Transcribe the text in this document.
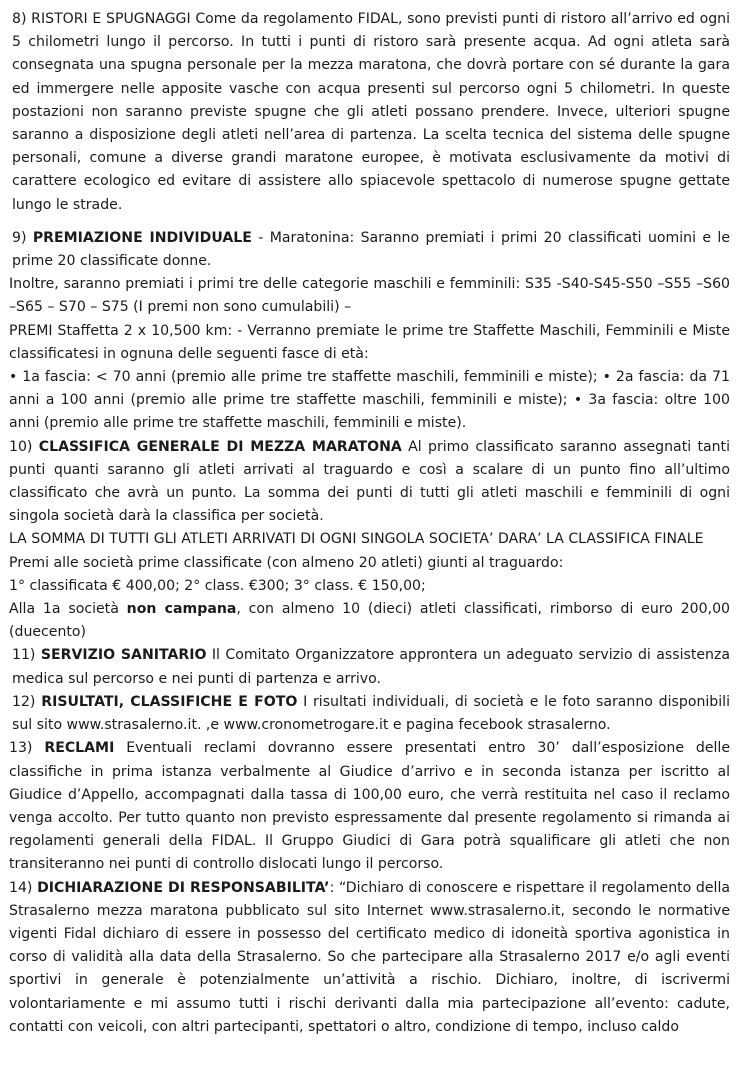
8) RISTORI E SPUGNAGGI Come da regolamento FIDAL, sono previsti punti di ristoro all’arrivo ed ogni 5 chilometri lungo il percorso. In tutti i punti di ristoro sarà presente acqua. Ad ogni atleta sarà consegnata una spugna personale per la mezza maratona, che dovrà portare con sé durante la gara ed immergere nelle apposite vasche con acqua presenti sul percorso ogni 5 chilometri. In queste postazioni non saranno previste spugne che gli atleti possano prendere. Invece, ulteriori spugne saranno a disposizione degli atleti nell’area di partenza. La scelta tecnica del sistema delle spugne personali, comune a diverse grandi maratone europee, è motivata esclusivamente da motivi di carattere ecologico ed evitare di assistere allo spiacevole spettacolo di numerose spugne gettate lungo le strade.

9) PREMIAZIONE INDIVIDUALE - Maratonina: Saranno premiati i primi 20 classificati uomini e le prime 20 classificate donne.

Inoltre, saranno premiati i primi tre delle categorie maschili e femminili: S35 -S40-S45-S50 –S55 –S60 –S65 – S70 – S75 (I premi non sono cumulabili) –

PREMI Staffetta 2 x 10,500 km: - Verranno premiate le prime tre Staffette Maschili, Femminili e Miste classificatesi in ognuna delle seguenti fasce di età:

• 1a fascia: < 70 anni (premio alle prime tre staffette maschili, femminili e miste); • 2a fascia: da 71 anni a 100 anni (premio alle prime tre staffette maschili, femminili e miste); • 3a fascia: oltre 100 anni (premio alle prime tre staffette maschili, femminili e miste).

10) CLASSIFICA GENERALE DI MEZZA MARATONA Al primo classificato saranno assegnati tanti punti quanti saranno gli atleti arrivati al traguardo e così a scalare di un punto fino all’ultimo classificato che avrà un punto. La somma dei punti di tutti gli atleti maschili e femminili di ogni singola società darà la classifica per società.

LA SOMMA DI TUTTI GLI ATLETI ARRIVATI DI OGNI SINGOLA SOCIETA’ DARA’ LA CLASSIFICA FINALE

Premi alle società prime classificate (con almeno 20 atleti) giunti al traguardo:

1° classificata € 400,00; 2° class. €300; 3° class. € 150,00;

Alla 1a società non campana, con almeno 10 (dieci) atleti classificati, rimborso di euro 200,00 (duecento)

11) SERVIZIO SANITARIO Il Comitato Organizzatore approntera un adeguato servizio di assistenza medica sul percorso e nei punti di partenza e arrivo.

12) RISULTATI, CLASSIFICHE E FOTO I risultati individuali, di società e le foto saranno disponibili sul sito www.strasalerno.it. ,e www.cronometrogare.it e pagina fecebook strasalerno.

13) RECLAMI Eventuali reclami dovranno essere presentati entro 30’ dall’esposizione delle classifiche in prima istanza verbalmente al Giudice d’arrivo e in seconda istanza per iscritto al Giudice d’Appello, accompagnati dalla tassa di 100,00 euro, che verrà restituita nel caso il reclamo venga accolto. Per tutto quanto non previsto espressamente dal presente regolamento si rimanda ai regolamenti generali della FIDAL. Il Gruppo Giudici di Gara potrà squalificare gli atleti che non transiteranno nei punti di controllo dislocati lungo il percorso.

14) DICHIARAZIONE DI RESPONSABILITA’: “Dichiaro di conoscere e rispettare il regolamento della Strasalerno mezza maratona pubblicato sul sito Internet www.strasalerno.it, secondo le normative vigenti Fidal dichiaro di essere in possesso del certificato medico di idoneità sportiva agonistica in corso di validità alla data della Strasalerno. So che partecipare alla Strasalerno 2017 e/o agli eventi sportivi in generale è potenzialmente un’attività a rischio. Dichiaro, inoltre, di iscrivermi volontariamente e mi assumo tutti i rischi derivanti dalla mia partecipazione all’evento: cadute, contatti con veicoli, con altri partecipanti, spettatori o altro, condizione di tempo, incluso caldo
